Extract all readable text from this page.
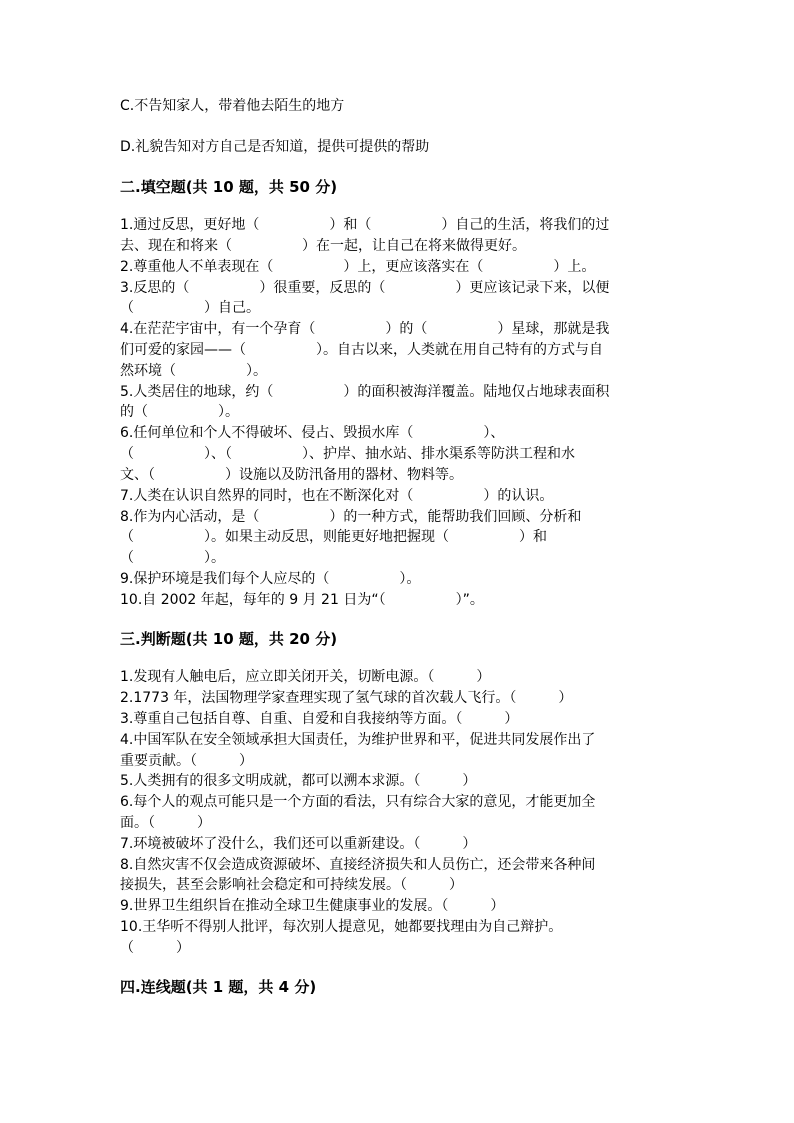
C.不告知家人，带着他去陌生的地方
D.礼貌告知对方自己是否知道，提供可提供的帮助
二.填空题(共 10 题，共 50 分)
1.通过反思，更好地（　　　　　）和（　　　　　）自己的生活，将我们的过
去、现在和将来（　　　　　）在一起，让自己在将来做得更好。
2.尊重他人不单表现在（　　　　　）上，更应该落实在（　　　　　）上。
3.反思的（　　　　　）很重要，反思的（　　　　　）更应该记录下来，以便
（　　　　　）自己。
4.在茫茫宇宙中，有一个孕育（　　　　　）的（　　　　　）星球，那就是我
们可爱的家园——（　　　　　）。自古以来，人类就在用自己特有的方式与自
然环境（　　　　　）。
5.人类居住的地球，约（　　　　　）的面积被海洋覆盖。陆地仅占地球表面积
的（　　　　　）。
6.任何单位和个人不得破坏、侵占、毁损水库（　　　　　）、
（　　　　　）、（　　　　　）、护岸、抽水站、排水渠系等防洪工程和水
文、（　　　　　）设施以及防汛备用的器材、物料等。
7.人类在认识自然界的同时，也在不断深化对（　　　　　）的认识。
8.作为内心活动，是（　　　　　）的一种方式，能帮助我们回顾、分析和
（　　　　　）。如果主动反思，则能更好地把握现（　　　　　）和
（　　　　　）。
9.保护环境是我们每个人应尽的（　　　　　）。
10.自 2002 年起，每年的 9 月 21 日为“（　　　　　）”。
三.判断题(共 10 题，共 20 分)
1.发现有人触电后，应立即关闭开关，切断电源。（　　　）
2.1773 年，法国物理学家查理实现了氢气球的首次载人飞行。（　　　）
3.尊重自己包括自尊、自重、自爱和自我接纳等方面。（　　　）
4.中国军队在安全领域承担大国责任，为维护世界和平，促进共同发展作出了
重要贡献。（　　　）
5.人类拥有的很多文明成就，都可以溯本求源。（　　　）
6.每个人的观点可能只是一个方面的看法，只有综合大家的意见，才能更加全
面。（　　　）
7.环境被破坏了没什么，我们还可以重新建设。（　　　）
8.自然灾害不仅会造成资源破坏、直接经济损失和人员伤亡，还会带来各种间
接损失，甚至会影响社会稳定和可持续发展。（　　　）
9.世界卫生组织旨在推动全球卫生健康事业的发展。（　　　）
10.王华听不得别人批评，每次别人提意见，她都要找理由为自己辩护。
（　　　）
四.连线题(共 1 题，共 4 分)
